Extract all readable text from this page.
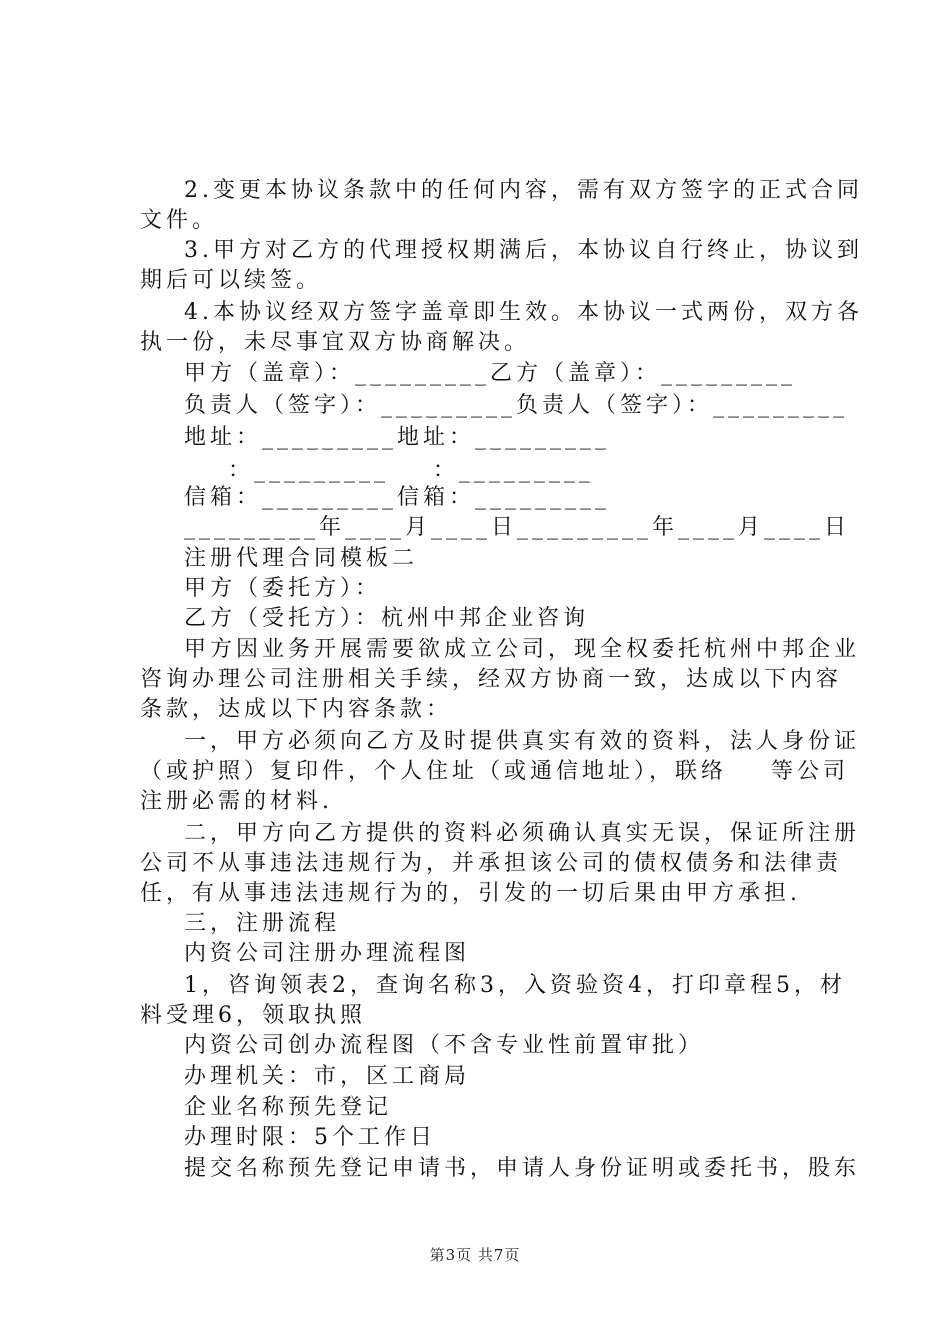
2.变更本协议条款中的任何内容，需有双方签字的正式合同
文件。
3.甲方对乙方的代理授权期满后，本协议自行终止，协议到
期后可以续签。
4.本协议经双方签字盖章即生效。本协议一式两份，双方各
执一份，未尽事宜双方协商解决。
甲方（盖章）：_________乙方（盖章）：_________
负责人（签字）：_________负责人（签字）：_________
地址：_________地址：_________
：_________    ：_________
信箱：_________信箱：_________
_________年____月____日_________年____月____日
注册代理合同模板二
甲方（委托方）：
乙方（受托方）：杭州中邦企业咨询
甲方因业务开展需要欲成立公司，现全权委托杭州中邦企业
咨询办理公司注册相关手续，经双方协商一致，达成以下内容
条款，达成以下内容条款：
一，甲方必须向乙方及时提供真实有效的资料，法人身份证
（或护照）复印件，个人住址（或通信地址），联络    等公司
注册必需的材料.
二，甲方向乙方提供的资料必须确认真实无误，保证所注册
公司不从事违法违规行为，并承担该公司的债权债务和法律责
任，有从事违法违规行为的，引发的一切后果由甲方承担.
三，注册流程
内资公司注册办理流程图
1，咨询领表2，查询名称3，入资验资4，打印章程5，材
料受理6，领取执照
内资公司创办流程图（不含专业性前置审批）
办理机关：市，区工商局
企业名称预先登记
办理时限：5个工作日
提交名称预先登记申请书，申请人身份证明或委托书，股东
第3页 共7页
